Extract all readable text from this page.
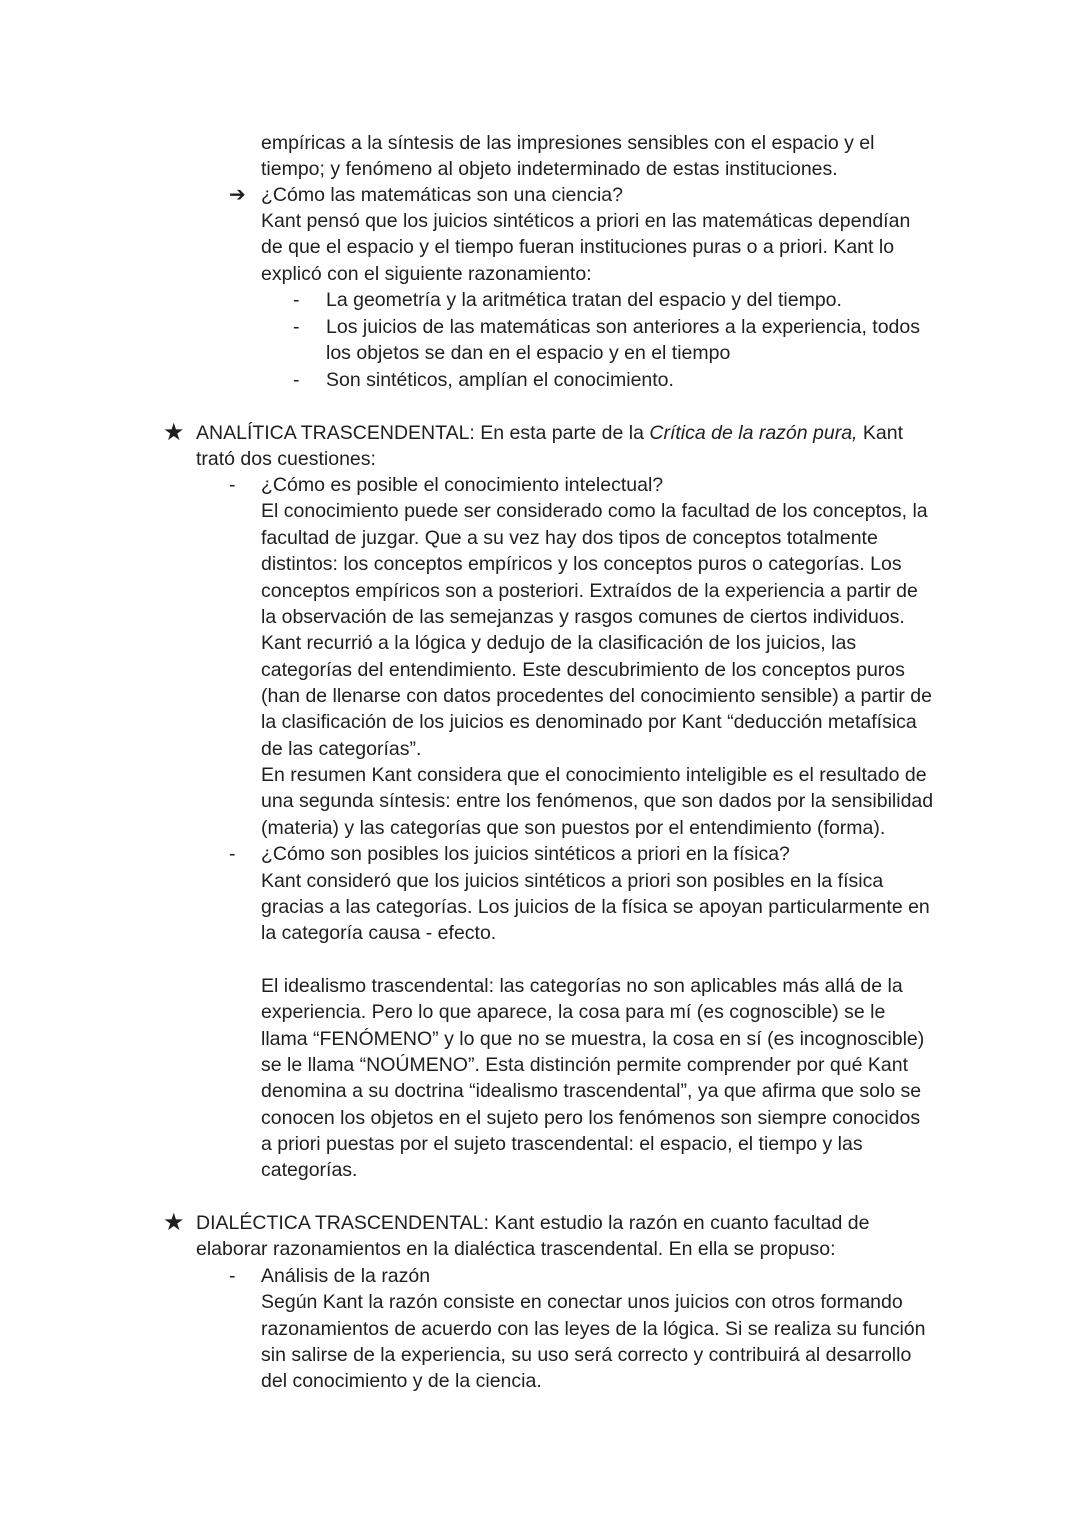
empíricas a la síntesis de las impresiones sensibles con el espacio y el
tiempo; y fenómeno al objeto indeterminado de estas instituciones.
➔ ¿Cómo las matemáticas son una ciencia?
Kant pensó que los juicios sintéticos a priori en las matemáticas dependían
de que el espacio y el tiempo fueran instituciones puras o a priori. Kant lo
explicó con el siguiente razonamiento:
- La geometría y la aritmética tratan del espacio y del tiempo.
- Los juicios de las matemáticas son anteriores a la experiencia, todos
los objetos se dan en el espacio y en el tiempo
- Son sintéticos, amplían el conocimiento.
★ ANALÍTICA TRASCENDENTAL: En esta parte de la Crítica de la razón pura, Kant
trató dos cuestiones:
- ¿Cómo es posible el conocimiento intelectual?
El conocimiento puede ser considerado como la facultad de los conceptos, la
facultad de juzgar. Que a su vez hay dos tipos de conceptos totalmente
distintos: los conceptos empíricos y los conceptos puros o categorías. Los
conceptos empíricos son a posteriori. Extraídos de la experiencia a partir de
la observación de las semejanzas y rasgos comunes de ciertos individuos.
Kant recurrió a la lógica y dedujo de la clasificación de los juicios, las
categorías del entendimiento. Este descubrimiento de los conceptos puros
(han de llenarse con datos procedentes del conocimiento sensible) a partir de
la clasificación de los juicios es denominado por Kant “deducción metafísica
de las categorías”.
En resumen Kant considera que el conocimiento inteligible es el resultado de
una segunda síntesis: entre los fenómenos, que son dados por la sensibilidad
(materia) y las categorías que son puestos por el entendimiento (forma).
- ¿Cómo son posibles los juicios sintéticos a priori en la física?
Kant consideró que los juicios sintéticos a priori son posibles en la física
gracias a las categorías. Los juicios de la física se apoyan particularmente en
la categoría causa - efecto.
El idealismo trascendental: las categorías no son aplicables más allá de la
experiencia. Pero lo que aparece, la cosa para mí (es cognoscible) se le
llama “FENÓMENO” y lo que no se muestra, la cosa en sí (es incognoscible)
se le llama “NOÚMENO”. Esta distinción permite comprender por qué Kant
denomina a su doctrina “idealismo trascendental”, ya que afirma que solo se
conocen los objetos en el sujeto pero los fenómenos son siempre conocidos
a priori puestas por el sujeto trascendental: el espacio, el tiempo y las
categorías.
★ DIALÉCTICA TRASCENDENTAL: Kant estudio la razón en cuanto facultad de
elaborar razonamientos en la dialéctica trascendental. En ella se propuso:
- Análisis de la razón
Según Kant la razón consiste en conectar unos juicios con otros formando
razonamientos de acuerdo con las leyes de la lógica. Si se realiza su función
sin salirse de la experiencia, su uso será correcto y contribuirá al desarrollo
del conocimiento y de la ciencia.
